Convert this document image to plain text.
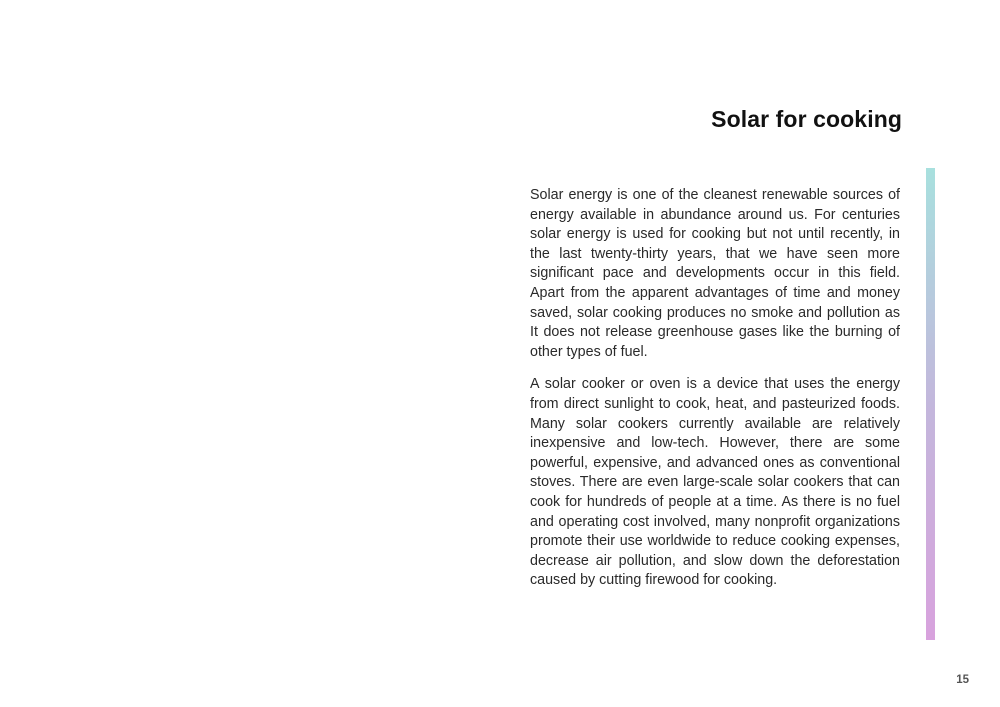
Solar for cooking

Solar energy is one of the cleanest renewable sources of energy available in abundance around us. For centuries solar energy is used for cooking but not until recently, in the last twenty-thirty years, that we have seen more significant pace and developments occur in this field. Apart from the apparent advantages of time and money saved, solar cooking produces no smoke and pollution as It does not release greenhouse gases like the burning of other types of fuel.

A solar cooker or oven is a device that uses the energy from direct sunlight to cook, heat, and pasteurized foods. Many solar cookers currently available are relatively inexpensive and low-tech. However, there are some powerful, expensive, and advanced ones as conventional stoves. There are even large-scale solar cookers that can cook for hundreds of people at a time. As there is no fuel and operating cost involved, many nonprofit organizations promote their use worldwide to reduce cooking expenses, decrease air pollution, and slow down the deforestation caused by cutting firewood for cooking.

15
